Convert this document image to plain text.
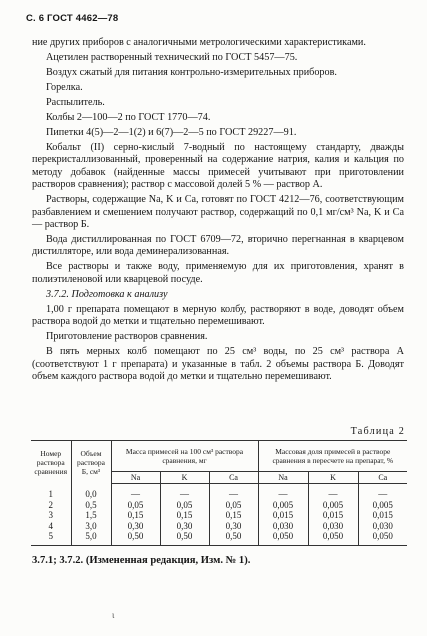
С. 6 ГОСТ 4462—78

ние других приборов с аналогичными метрологическими характеристиками.

Ацетилен растворенный технический по ГОСТ 5457—75.

Воздух сжатый для питания контрольно-измерительных приборов.

Горелка.

Распылитель.

Колбы 2—100—2 по ГОСТ 1770—74.

Пипетки 4(5)—2—1(2) и 6(7)—2—5 по ГОСТ 29227—91.

Кобальт (II) серно-кислый 7-водный по настоящему стандарту, дважды перекристаллизованный, проверенный на содержание натрия, калия и кальция по методу добавок (найденные массы примесей учитывают при приготовлении растворов сравнения); раствор с массовой долей 5 % — раствор А.

Растворы, содержащие Na, K и Ca, готовят по ГОСТ 4212—76, соответствующим разбавлением и смешением получают раствор, содержащий по 0,1 мг/см³ Na, K и Ca — раствор Б.

Вода дистиллированная по ГОСТ 6709—72, вторично перегнанная в кварцевом дистилляторе, или вода деминерализованная.

Все растворы и также воду, применяемую для их приготовления, хранят в полиэтиленовой или кварцевой посуде.

3.7.2. Подготовка к анализу

1,00 г препарата помещают в мерную колбу, растворяют в воде, доводят объем раствора водой до метки и тщательно перемешивают.

Приготовление растворов сравнения.

В пять мерных колб помещают по 25 см³ воды, по 25 см³ раствора А (соответствуют 1 г препарата) и указанные в табл. 2 объемы раствора Б. Доводят объем каждого раствора водой до метки и тщательно перемешивают.

Таблица 2
Номер раствора сравнения	Объем раствора Б, см³	Масса примесей на 100 см³ раствора сравнения, мг			Массовая доля примесей в растворе сравнения в пересчете на препарат, %		
		Na	K	Ca	Na	K	Ca
1	0,0	—	—	—	—	—	—
2	0,5	0,05	0,05	0,05	0,005	0,005	0,005
3	1,5	0,15	0,15	0,15	0,015	0,015	0,015
4	3,0	0,30	0,30	0,30	0,030	0,030	0,030
5	5,0	0,50	0,50	0,50	0,050	0,050	0,050
3.7.1; 3.7.2. (Измененная редакция, Изм. № 1).
ι
